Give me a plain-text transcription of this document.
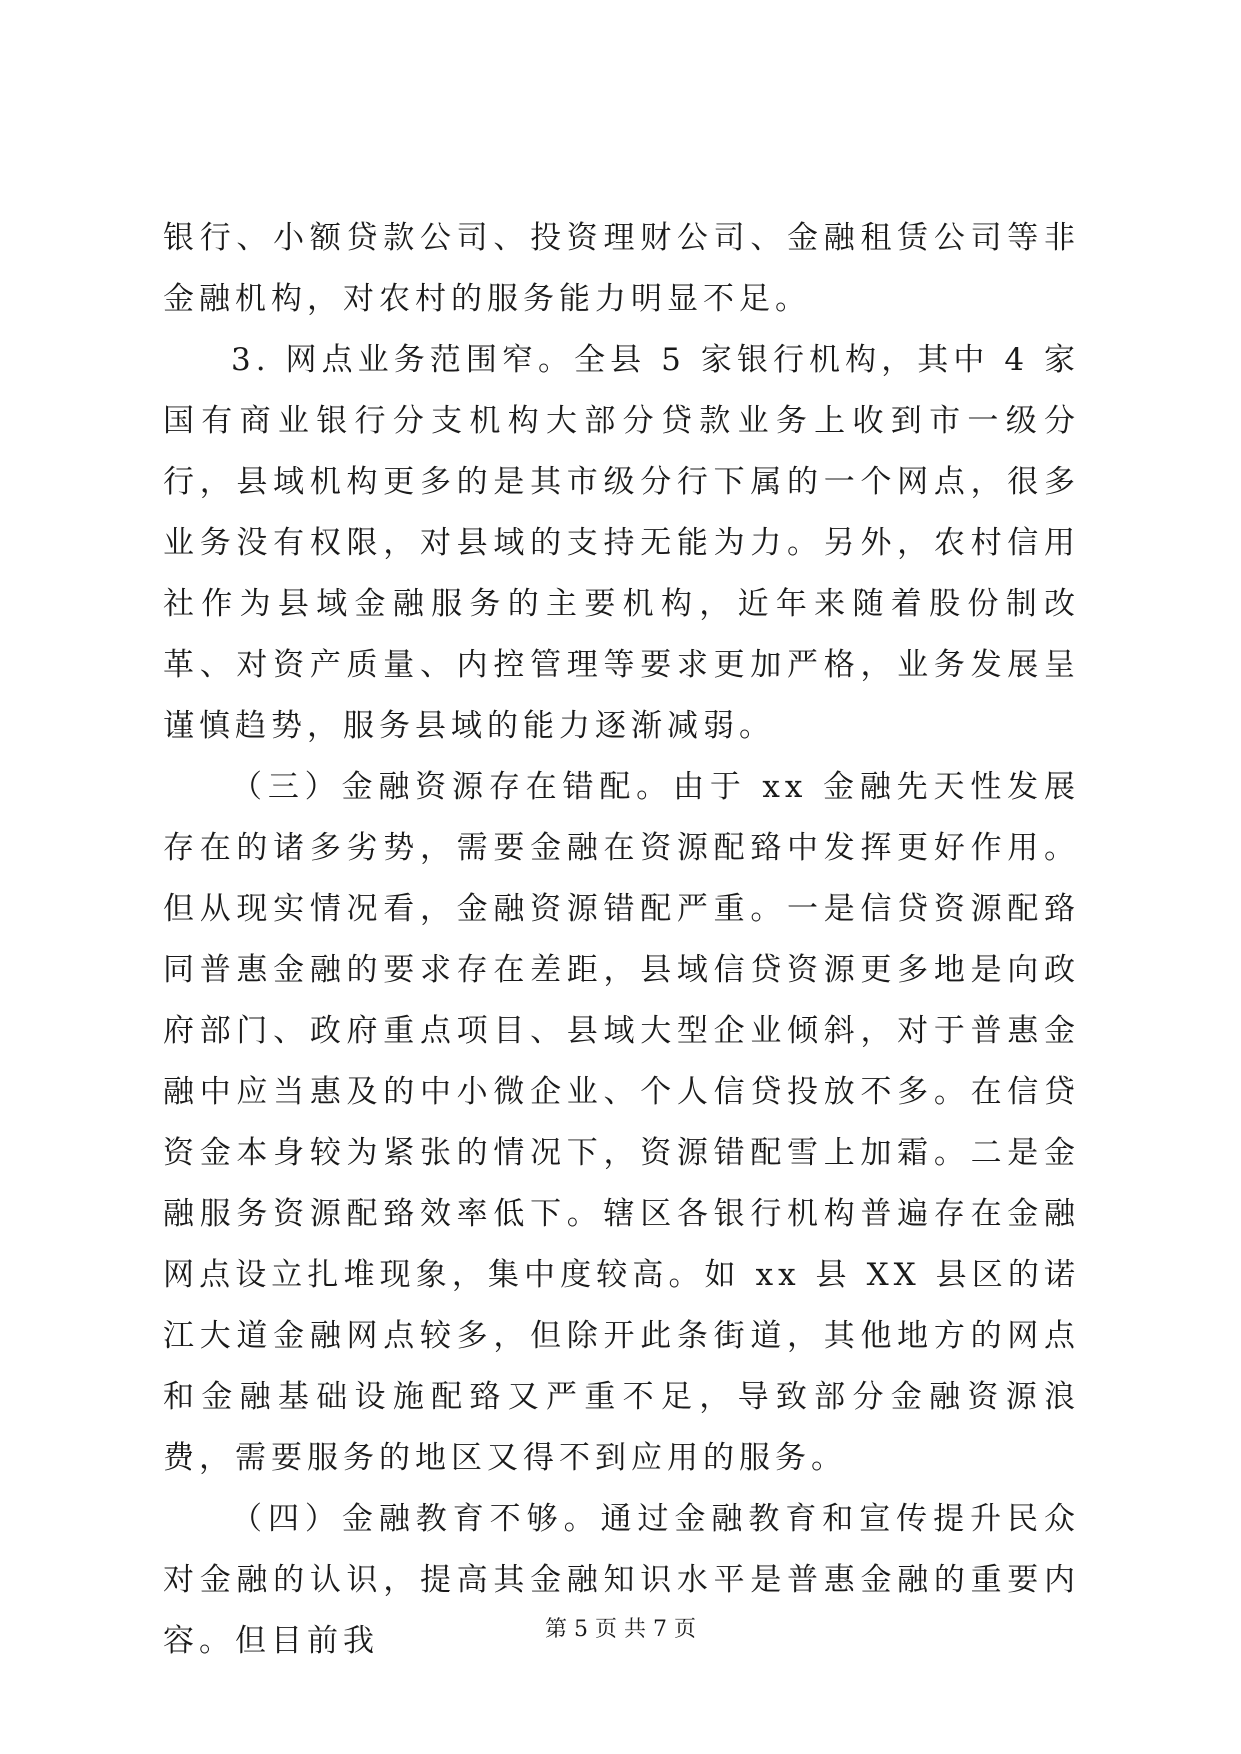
银行、小额贷款公司、投资理财公司、金融租赁公司等非金融机构，对农村的服务能力明显不足。

3. 网点业务范围窄。全县 5 家银行机构，其中 4 家国有商业银行分支机构大部分贷款业务上收到市一级分行，县域机构更多的是其市级分行下属的一个网点，很多业务没有权限，对县域的支持无能为力。另外，农村信用社作为县域金融服务的主要机构，近年来随着股份制改革、对资产质量、内控管理等要求更加严格，业务发展呈谨慎趋势，服务县域的能力逐渐减弱。

（三）金融资源存在错配。由于 xx 金融先天性发展存在的诸多劣势，需要金融在资源配臵中发挥更好作用。但从现实情况看，金融资源错配严重。一是信贷资源配臵同普惠金融的要求存在差距，县域信贷资源更多地是向政府部门、政府重点项目、县域大型企业倾斜，对于普惠金融中应当惠及的中小微企业、个人信贷投放不多。在信贷资金本身较为紧张的情况下，资源错配雪上加霜。二是金融服务资源配臵效率低下。辖区各银行机构普遍存在金融网点设立扎堆现象，集中度较高。如 xx 县 XX 县区的诺江大道金融网点较多，但除开此条街道，其他地方的网点和金融基础设施配臵又严重不足，导致部分金融资源浪费，需要服务的地区又得不到应用的服务。

（四）金融教育不够。通过金融教育和宣传提升民众对金融的认识，提高其金融知识水平是普惠金融的重要内容。但目前我	第 5 页 共 7 页
